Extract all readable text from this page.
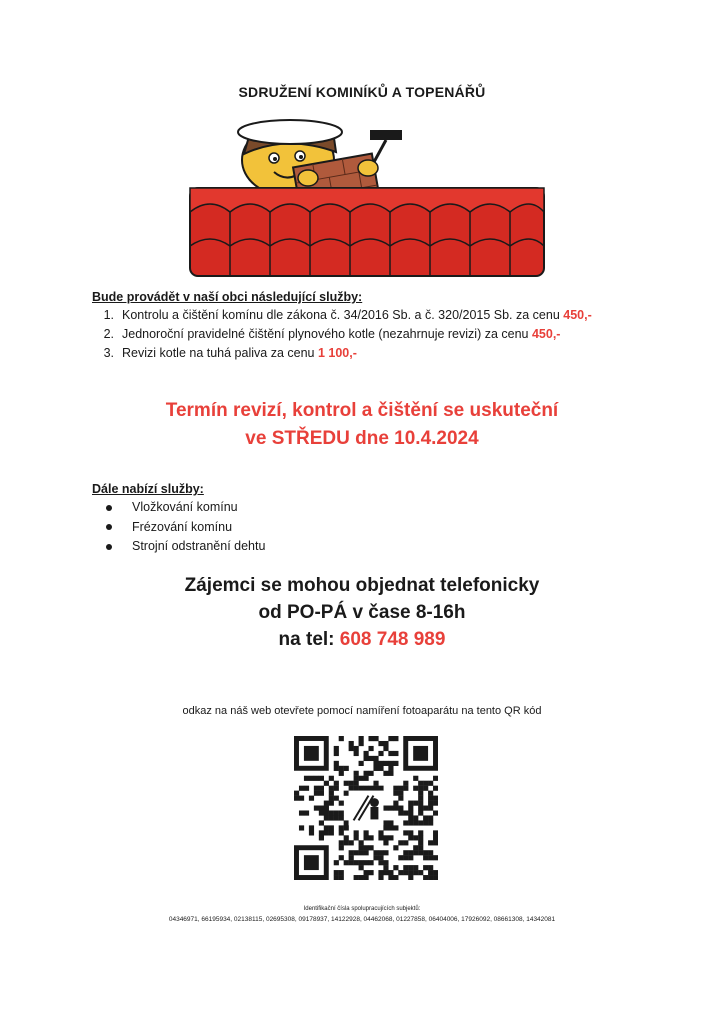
SDRUŽENÍ KOMINÍKŮ A TOPENÁŘŮ
Bude provádět v naší obci následující služby:
1. Kontrolu a čištění komínu dle zákona č. 34/2016 Sb. a č. 320/2015 Sb. za cenu 450,-
2. Jednoroční pravidelné čištění plynového kotle (nezahrnuje revizi) za cenu 450,-
3. Revizi kotle na tuhá paliva za cenu 1 100,-
Termín revizí, kontrol a čištění se uskuteční
ve STŘEDU dne 10.4.2024
Dále nabízí služby:
Vložkování komínu
Frézování komínu
Strojní odstranění dehtu
Zájemci se mohou objednat telefonicky
od PO-PÁ v čase 8-16h
na tel: 608 748 989
odkaz na náš web otevřete pomocí namíření fotoaparátu na tento QR kód
Identifikační čísla spolupracujících subjektů:
04346971, 66195934, 02138115, 02695308, 09178937, 14122928, 04462068, 01227858, 06404006, 17926092, 08661308, 14342081
